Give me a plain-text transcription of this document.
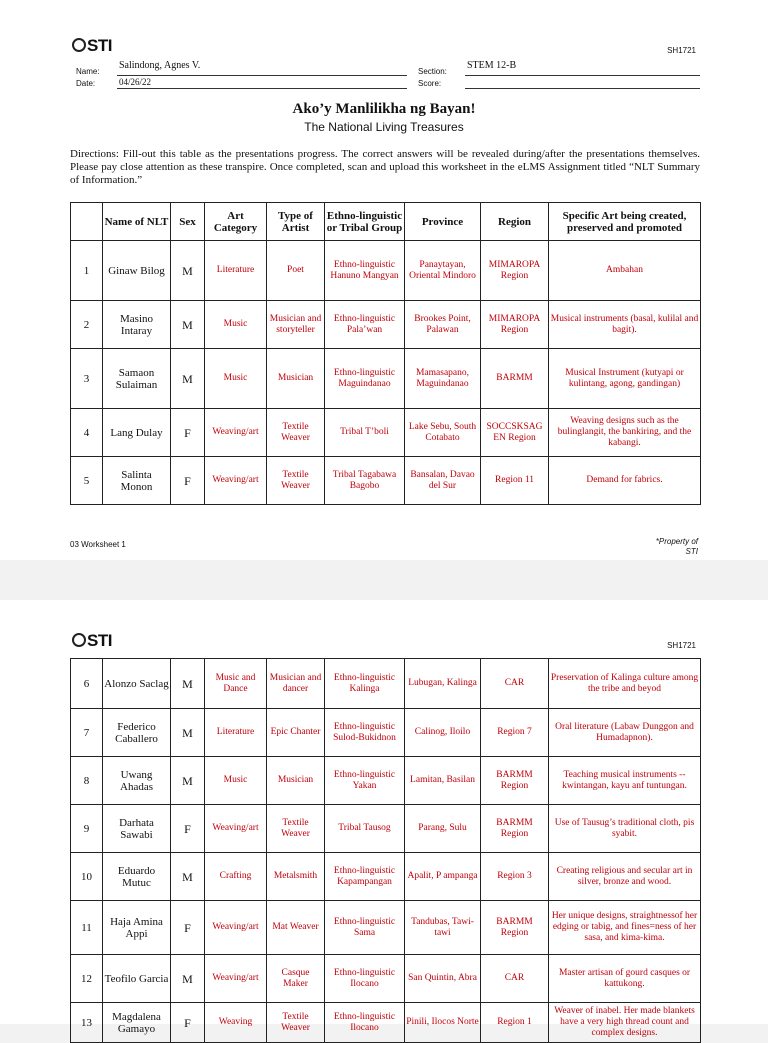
STI	SH1721
Name:
Salindong, Agnes V.
Date:	04/26/22
Section:
STEM 12-B
Score:
Ako’y Manlilikha ng Bayan!
The National Living Treasures
Directions: Fill-out this table as the presentations progress. The correct answers will be revealed during/after the presentations themselves. Please pay close attention as these transpire. Once completed, scan and upload this worksheet in the eLMS Assignment titled “NLT Summary of Information.”
	Name of NLT	Sex	Art Category	Type of Artist	Ethno-linguistic or Tribal Group	Province	Region	Specific Art being created, preserved and promoted
1	Ginaw Bilog	M	Literature	Poet	Ethno-linguistic Hanuno Mangyan	Panaytayan, Oriental Mindoro	MIMAROPA Region	Ambahan
2	Masino Intaray	M	Music	Musician and storyteller	Ethno-linguistic Pala’wan	Brookes Point, Palawan	MIMAROPA Region	Musical instruments (basal, kulilal and bagit).
3	Samaon Sulaiman	M	Music	Musician	Ethno-linguistic Maguindanao	Mamasapano, Maguindanao	BARMM	Musical Instrument (kutyapi or kulintang, agong, gandingan)
4	Lang Dulay	F	Weaving/art	Textile Weaver	Tribal T’boli	Lake Sebu, South Cotabato	SOCCSKSAG EN Region	Weaving designs such as the bulinglangit, the bankiring, and the kabangi.
5	Salinta Monon	F	Weaving/art	Textile Weaver	Tribal Tagabawa Bagobo	Bansalan, Davao del Sur	Region 11	Demand for fabrics.
03 Worksheet 1	*Property of
STI
STI	SH1721
6	Alonzo Saclag	M	Music and Dance	Musician and dancer	Ethno-linguistic Kalinga	Lubugan, Kalinga	CAR	Preservation of Kalinga culture among the tribe and beyod
7	Federico Caballero	M	Literature	Epic Chanter	Ethno-linguistic Sulod-Bukidnon	Calinog, Iloilo	Region 7	Oral literature (Labaw Dunggon and Humadapnon).
8	Uwang Ahadas	M	Music	Musician	Ethno-linguistic Yakan	Lamitan, Basilan	BARMM Region	Teaching musical instruments -- kwintangan, kayu anf tuntungan.
9	Darhata Sawabi	F	Weaving/art	Textile Weaver	Tribal Tausog	Parang, Sulu	BARMM Region	Use of Tausug’s traditional cloth, pis syabit.
10	Eduardo Mutuc	M	Crafting	Metalsmith	Ethno-linguistic Kapampangan	Apalit, P ampanga	Region 3	Creating religious and secular art in silver, bronze and wood.
11	Haja Amina Appi	F	Weaving/art	Mat Weaver	Ethno-linguistic Sama	Tandubas, Tawi-tawi	BARMM Region	Her unique designs, straightnessof her edging or tabig, and fines=ness of her sasa, and kima-kima.
12	Teofilo Garcia	M	Weaving/art	Casque Maker	Ethno-linguistic Ilocano	San Quintin, Abra	CAR	Master artisan of gourd casques or kattukong.
13	Magdalena Gamayo	F	Weaving	Textile Weaver	Ethno-linguistic Ilocano	Pinili, Ilocos Norte	Region 1	Weaver of inabel. Her made blankets have a very high thread count and complex designs.
